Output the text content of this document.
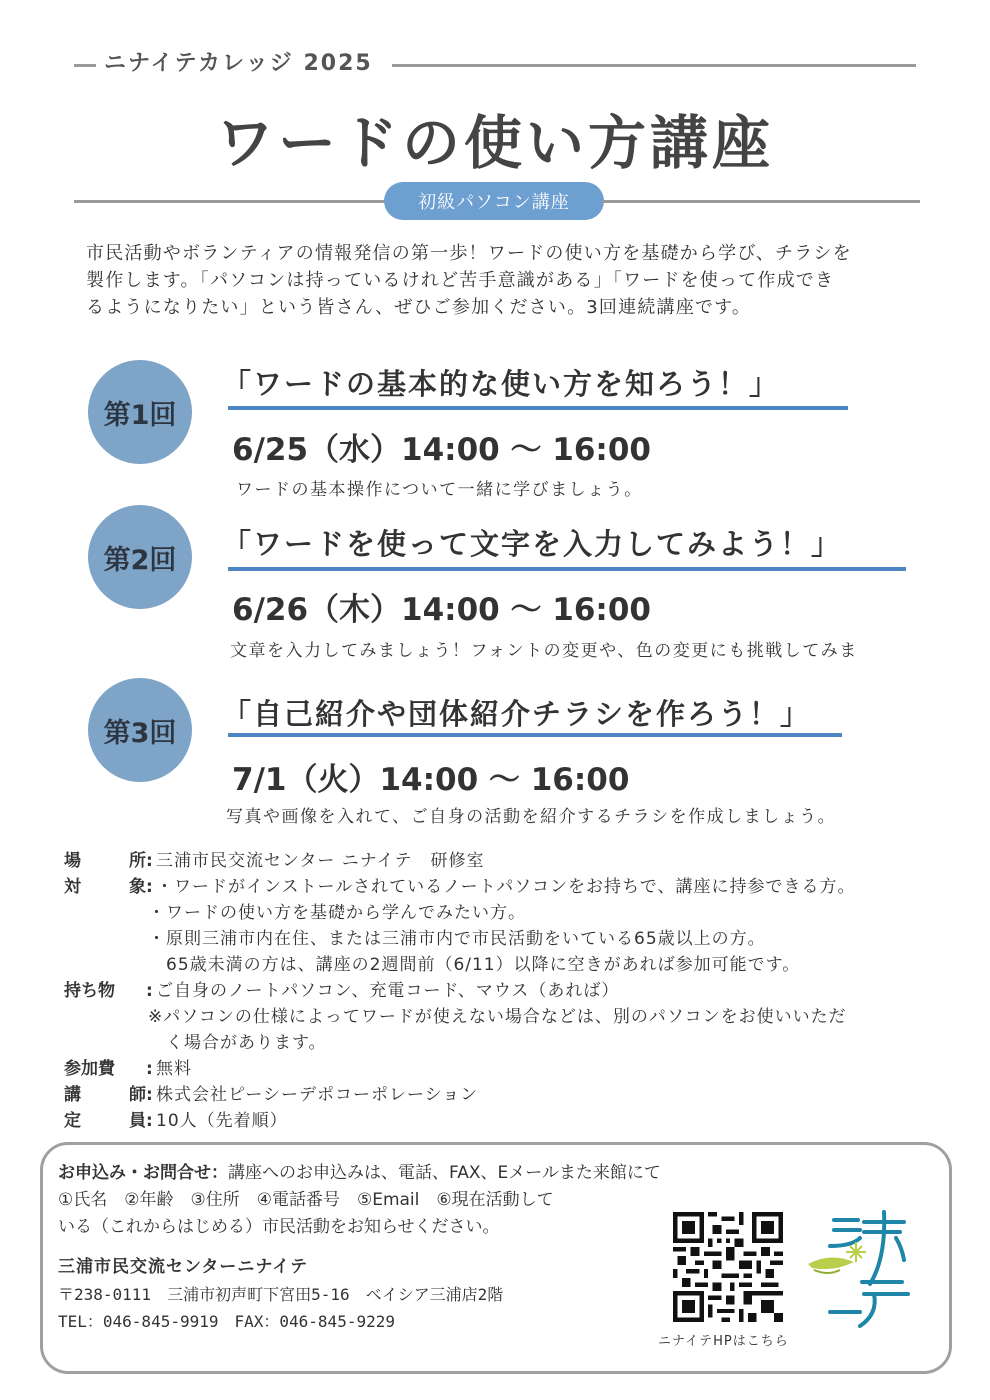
ニナイテカレッジ 2025
ワードの使い方講座
初級パソコン講座

市民活動やボランティアの情報発信の第一歩！ワードの使い方を基礎から学び、チラシを

製作します。「パソコンは持っているけれど苦手意識がある」「ワードを使って作成でき

るようになりたい」という皆さん、ぜひご参加ください。3回連続講座です。

第1回
「ワードの基本的な使い方を知ろう！」
6/25（水）14:00 ～ 16:00
ワードの基本操作について一緒に学びましょう。
第2回	「ワードを使って文字を入力してみよう！」
6/26（木）14:00 ～ 16:00
文章を入力してみましょう！フォントの変更や、色の変更にも挑戦してみま
第3回
「自己紹介や団体紹介チラシを作ろう！」
7/1（火）14:00 ～ 16:00
写真や画像を入れて、ご自身の活動を紹介するチラシを作成しましょう。
場	所 : 三浦市民交流センター ニナイテ　研修室
対	象 : ・ワードがインストールされているノートパソコンをお持ちで、講座に持参できる方。
・ワードの使い方を基礎から学んでみたい方。
・原則三浦市内在住、または三浦市内で市民活動をいている65歳以上の方。
65歳未満の方は、講座の2週間前（6/11）以降に空きがあれば参加可能です。
持ち物	: ご自身のノートパソコン、充電コード、マウス（あれば）
※パソコンの仕様によってワードが使えない場合などは、別のパソコンをお使いいただ
く場合があります。
参加費	: 無料
講	師 : 株式会社ピーシーデポコーポレーション
定	員 : 10人（先着順）
お申込み・お問合せ：講座へのお申込みは、電話、FAX、Eメールまた来館にて
①氏名　②年齢　③住所　④電話番号　⑤Email　⑥現在活動して
いる（これからはじめる）市民活動をお知らせください。
三浦市民交流センターニナイテ
〒238-0111　三浦市初声町下宮田5-16　ベイシア三浦店2階
TEL：046-845-9919　FAX：046-845-9229
ニナイテHPはこちら
